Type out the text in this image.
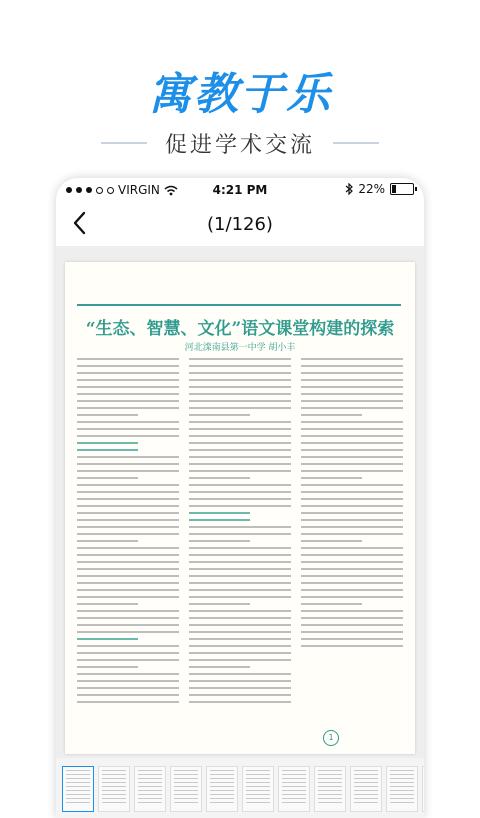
寓教于乐
促进学术交流
VIRGIN	4:21 PM	22%
(1/126)
“生态、智慧、文化”语文课堂构建的探索
河北滦南县第一中学 胡小丰
1
